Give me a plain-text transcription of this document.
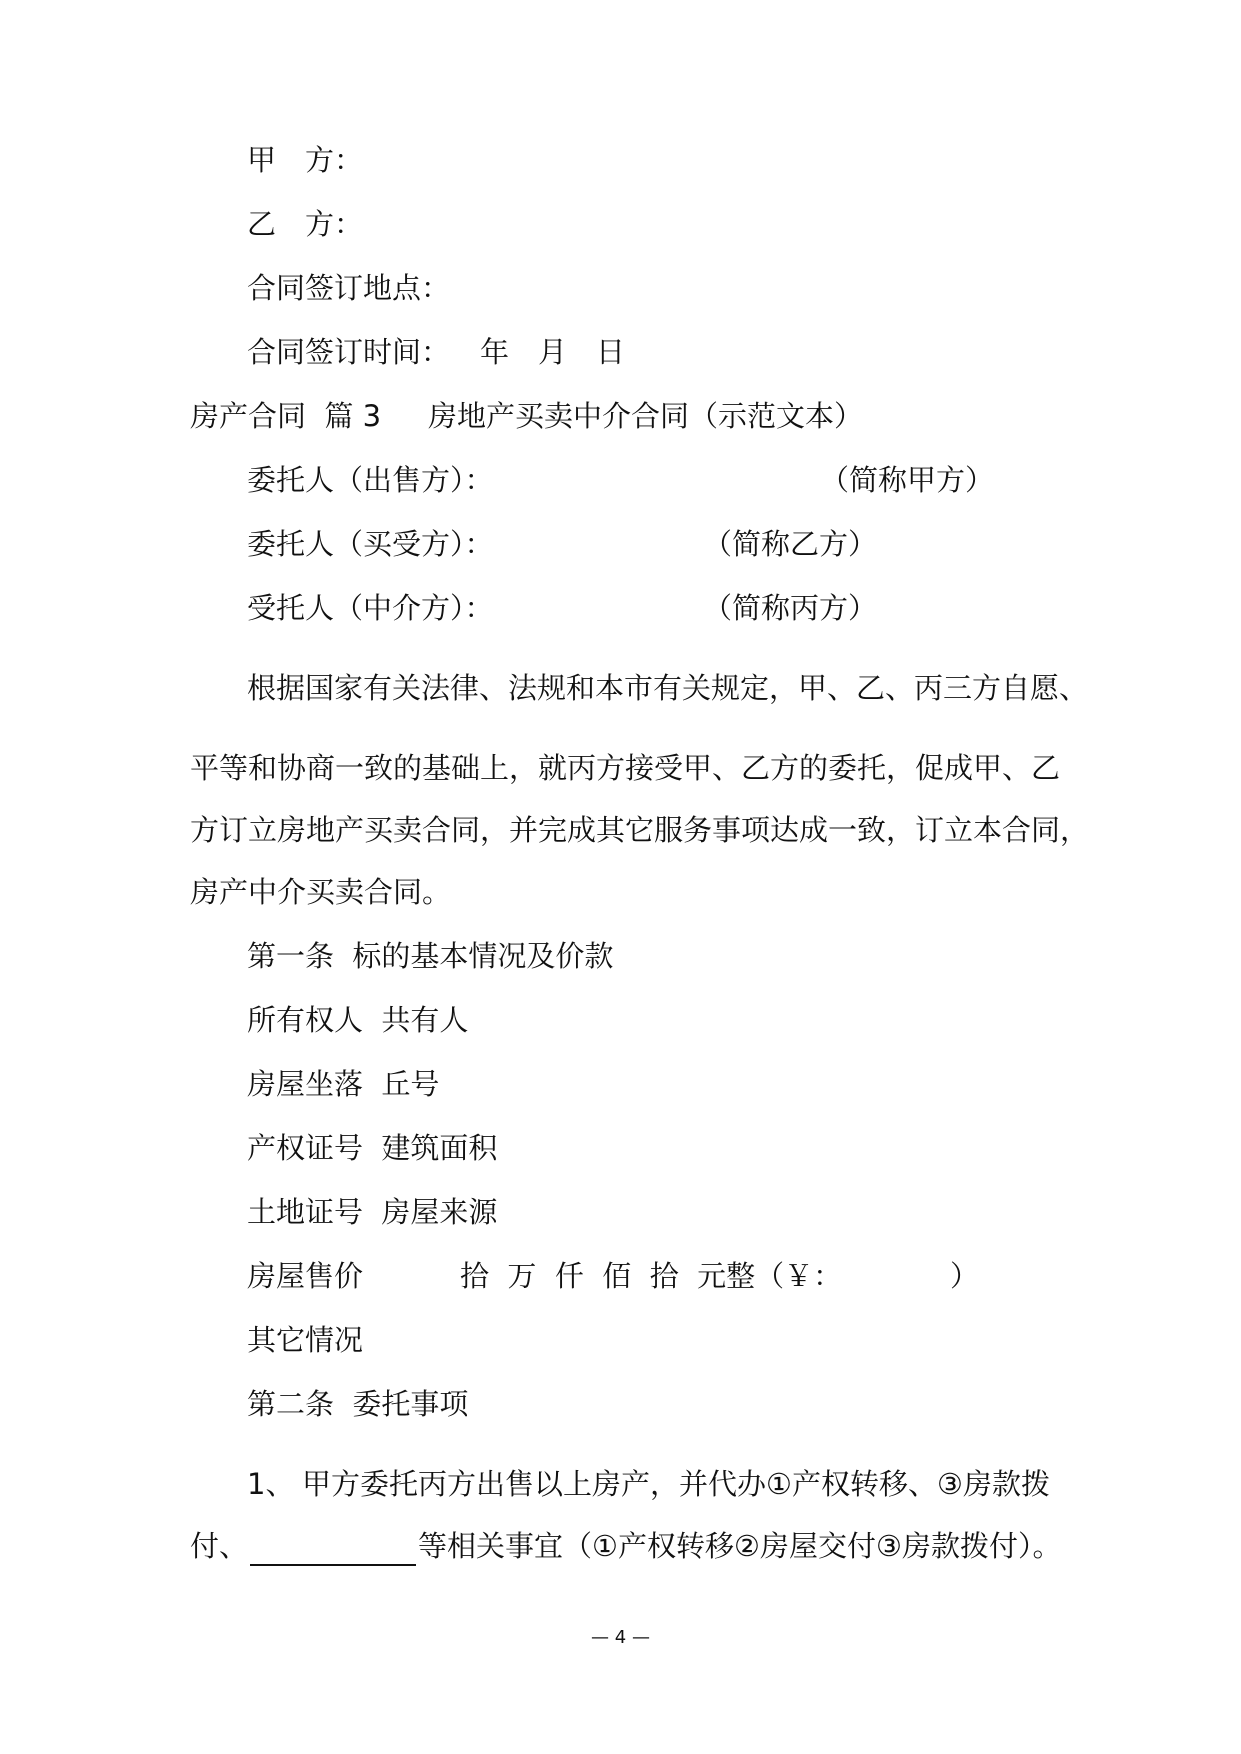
甲　方：
乙　方：
合同签订地点：
合同签订时间： 年　月　日
房产合同  篇 3 房地产买卖中介合同（示范文本）
委托人（出售方）：	（简称甲方）
委托人（买受方）：	（简称乙方）
受托人（中介方）：	（简称丙方）
根据国家有关法律、法规和本市有关规定，甲、乙、丙三方自愿、
平等和协商一致的基础上，就丙方接受甲、乙方的委托，促成甲、乙
方订立房地产买卖合同，并完成其它服务事项达成一致，订立本合同，
房产中介买卖合同。
第一条  标的基本情况及价款
所有权人  共有人
房屋坐落  丘号
产权证号  建筑面积
土地证号  房屋来源
房屋售价	拾  万  仟  佰  拾  元整（￥：	）
其它情况
第二条  委托事项
1、 甲方委托丙方出售以上房产，并代办①产权转移、③房款拨
付、	等相关事宜（①产权转移②房屋交付③房款拨付）。
— 4 —
